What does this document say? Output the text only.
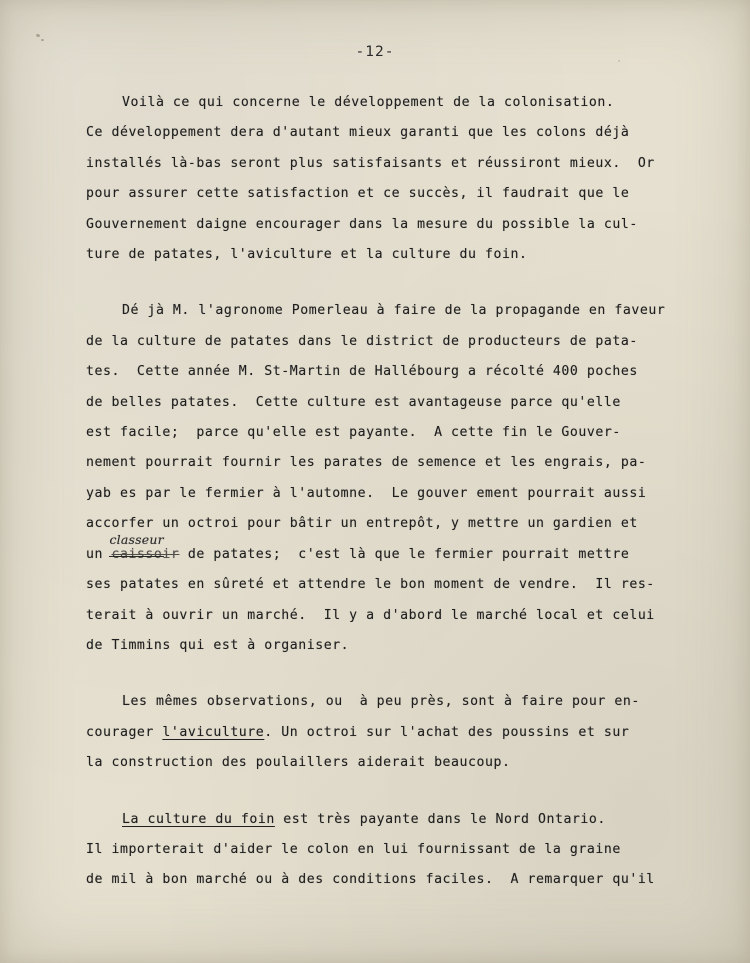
-12-

Voilà ce qui concerne le développement de la colonisation.
Ce développement dera d'autant mieux garanti que les colons déjà
installés là-bas seront plus satisfaisants et réussiront mieux.  Or
pour assurer cette satisfaction et ce succès, il faudrait que le
Gouvernement daigne encourager dans la mesure du possible la cul-
ture de patates, l'aviculture et la culture du foin.

Dé jà M. l'agronome Pomerleau à faire de la propagande en faveur
de la culture de patates dans le district de producteurs de pata-
tes.  Cette année M. St-Martin de Hallébourg a récolté 400 poches
de belles patates.  Cette culture est avantageuse parce qu'elle
est facile;  parce qu'elle est payante.  A cette fin le Gouver-
nement pourrait fournir les parates de semence et les engrais, pa-
yab es par le fermier à l'automne.  Le gouver ement pourrait aussi
accorfer un octroi pour bâtir un entrepôt, y mettre un gardien et
un
classeur
caissoir de patates;  c'est là que le fermier pourrait mettre
ses patates en sûreté et attendre le bon moment de vendre.  Il res-
terait à ouvrir un marché.  Il y a d'abord le marché local et celui
de Timmins qui est à organiser.

Les mêmes observations, ou  à peu près, sont à faire pour en-
courager l'aviculture. Un octroi sur l'achat des poussins et sur
la construction des poulaillers aiderait beaucoup.

La culture du foin est très payante dans le Nord Ontario.
Il importerait d'aider le colon en lui fournissant de la graine
de mil à bon marché ou à des conditions faciles.  A remarquer qu'il
